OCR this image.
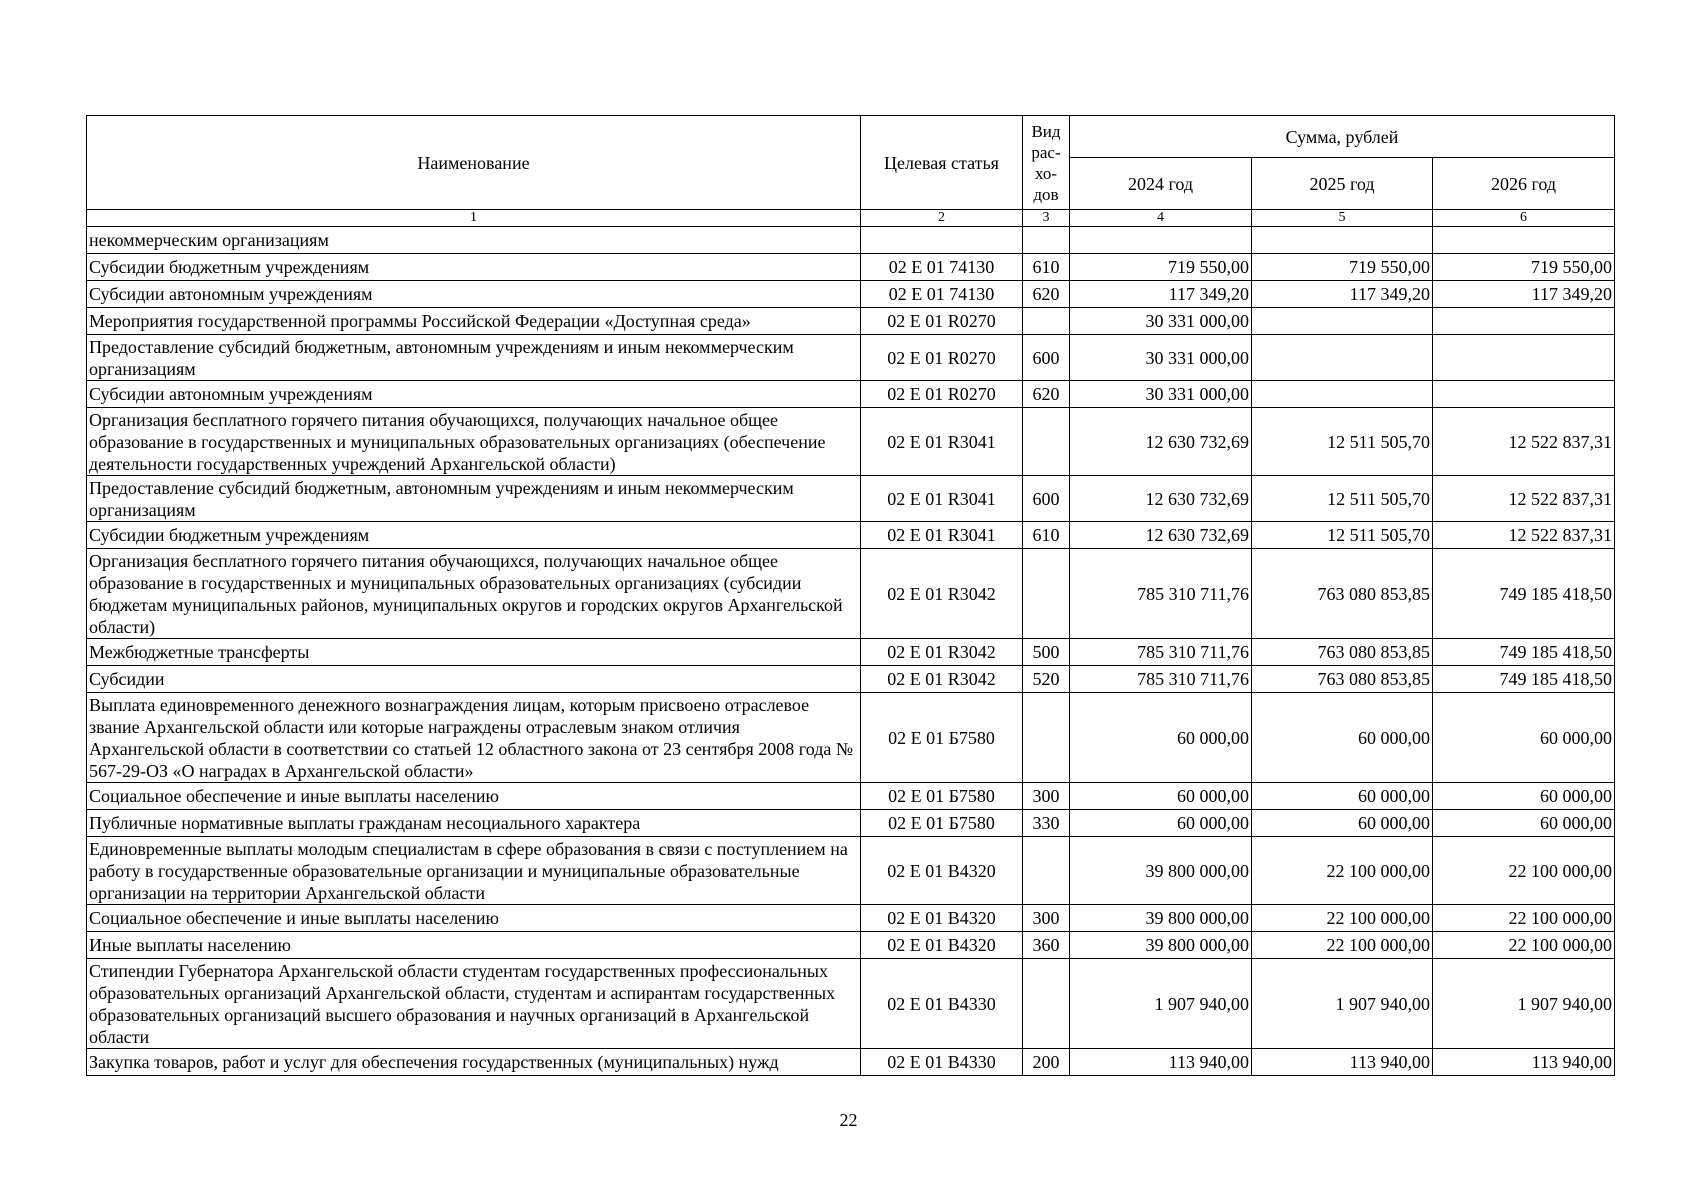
Наименование	Целевая статья	Вид рас- хо- дов	Сумма, рублей		
			2024 год	2025 год	2026 год
1	2	3	4	5	6
некоммерческим организациям					
Субсидии бюджетным учреждениям	02 Е 01 74130	610	719 550,00	719 550,00	719 550,00
Субсидии автономным учреждениям	02 Е 01 74130	620	117 349,20	117 349,20	117 349,20
Мероприятия государственной программы Российской Федерации «Доступная среда»	02 Е 01 R0270		30 331 000,00		
Предоставление субсидий бюджетным, автономным учреждениям и иным некоммерческим организациям	02 Е 01 R0270	600	30 331 000,00		
Субсидии автономным учреждениям	02 Е 01 R0270	620	30 331 000,00		
Организация бесплатного горячего питания обучающихся, получающих начальное общее образование в государственных и муниципальных образовательных организациях (обеспечение деятельности государственных учреждений Архангельской области)	02 Е 01 R3041		12 630 732,69	12 511 505,70	12 522 837,31
Предоставление субсидий бюджетным, автономным учреждениям и иным некоммерческим организациям	02 Е 01 R3041	600	12 630 732,69	12 511 505,70	12 522 837,31
Субсидии бюджетным учреждениям	02 Е 01 R3041	610	12 630 732,69	12 511 505,70	12 522 837,31
Организация бесплатного горячего питания обучающихся, получающих начальное общее образование в государственных и муниципальных образовательных организациях (субсидии бюджетам муниципальных районов, муниципальных округов и городских округов Архангельской области)	02 Е 01 R3042		785 310 711,76	763 080 853,85	749 185 418,50
Межбюджетные трансферты	02 Е 01 R3042	500	785 310 711,76	763 080 853,85	749 185 418,50
Субсидии	02 Е 01 R3042	520	785 310 711,76	763 080 853,85	749 185 418,50
Выплата единовременного денежного вознаграждения лицам, которым присвоено отраслевое звание Архангельской области или которые награждены отраслевым знаком отличия Архангельской области в соответствии со статьей 12 областного закона от 23 сентября 2008 года № 567-29-ОЗ «О наградах в Архангельской области»	02 Е 01 Б7580		60 000,00	60 000,00	60 000,00
Социальное обеспечение и иные выплаты населению	02 Е 01 Б7580	300	60 000,00	60 000,00	60 000,00
Публичные нормативные выплаты гражданам несоциального характера	02 Е 01 Б7580	330	60 000,00	60 000,00	60 000,00
Единовременные выплаты молодым специалистам в сфере образования в связи с поступлением на работу в государственные образовательные организации и муниципальные образовательные организации на территории Архангельской области	02 Е 01 В4320		39 800 000,00	22 100 000,00	22 100 000,00
Социальное обеспечение и иные выплаты населению	02 Е 01 В4320	300	39 800 000,00	22 100 000,00	22 100 000,00
Иные выплаты населению	02 Е 01 В4320	360	39 800 000,00	22 100 000,00	22 100 000,00
Стипендии Губернатора Архангельской области студентам государственных профессиональных образовательных организаций Архангельской области, студентам и аспирантам государственных образовательных организаций высшего образования и научных организаций в Архангельской области	02 Е 01 В4330		1 907 940,00	1 907 940,00	1 907 940,00
Закупка товаров, работ и услуг для обеспечения государственных (муниципальных) нужд	02 Е 01 В4330	200	113 940,00	113 940,00	113 940,00
22
